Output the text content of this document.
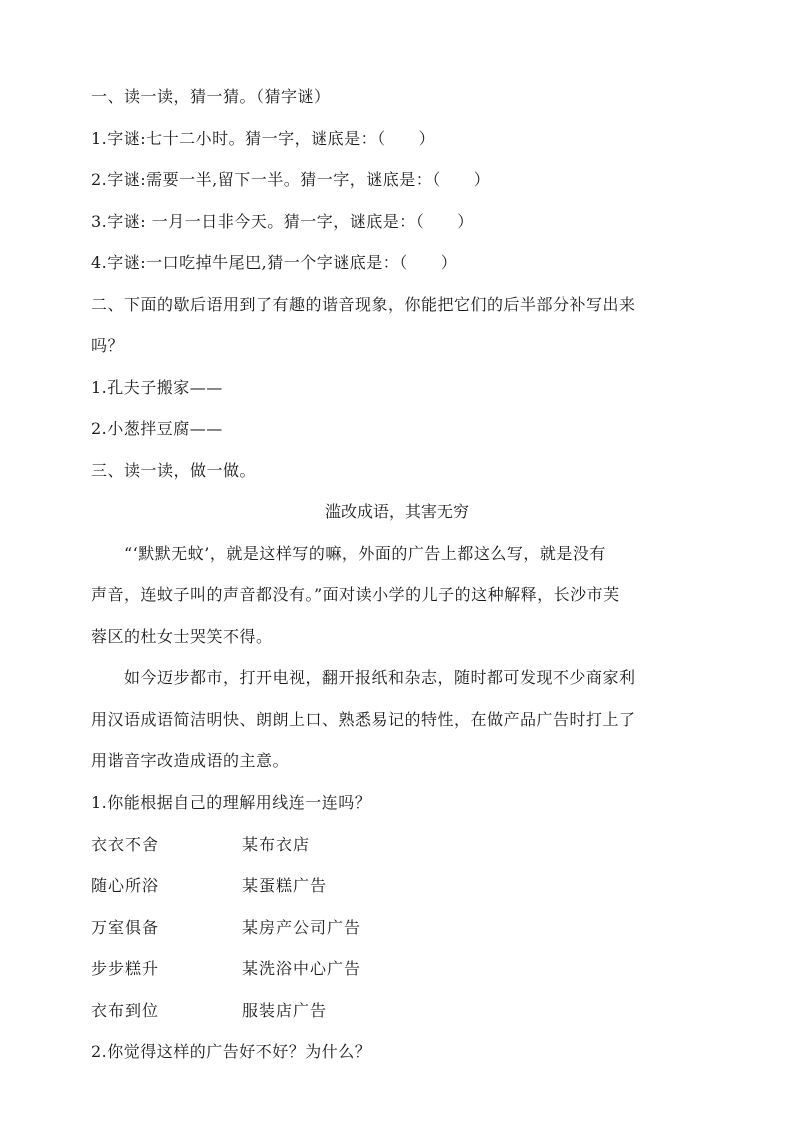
一、读一读，猜一猜。（猜字谜）
1.字谜:七十二小时。猜一字，谜底是：（　　）
2.字谜:需要一半,留下一半。猜一字，谜底是：（　　）
3.字谜: 一月一日非今天。猜一字，谜底是：（　　）
4.字谜:一口吃掉牛尾巴,猜一个字谜底是：（　　）
二、下面的歇后语用到了有趣的谐音现象，你能把它们的后半部分补写出来
吗？
1.孔夫子搬家——
2.小葱拌豆腐——
三、读一读，做一做。
滥改成语，其害无穷
“‘默默无蚊’，就是这样写的嘛，外面的广告上都这么写，就是没有
声音，连蚊子叫的声音都没有。”面对读小学的儿子的这种解释，长沙市芙
蓉区的杜女士哭笑不得。
如今迈步都市，打开电视，翻开报纸和杂志，随时都可发现不少商家利
用汉语成语简洁明快、朗朗上口、熟悉易记的特性，在做产品广告时打上了
用谐音字改造成语的主意。
1.你能根据自己的理解用线连一连吗？
衣衣不舍	某布衣店
随心所浴	某蛋糕广告
万室俱备	某房产公司广告
步步糕升	某洗浴中心广告
衣布到位	服装店广告
2.你觉得这样的广告好不好？为什么？
